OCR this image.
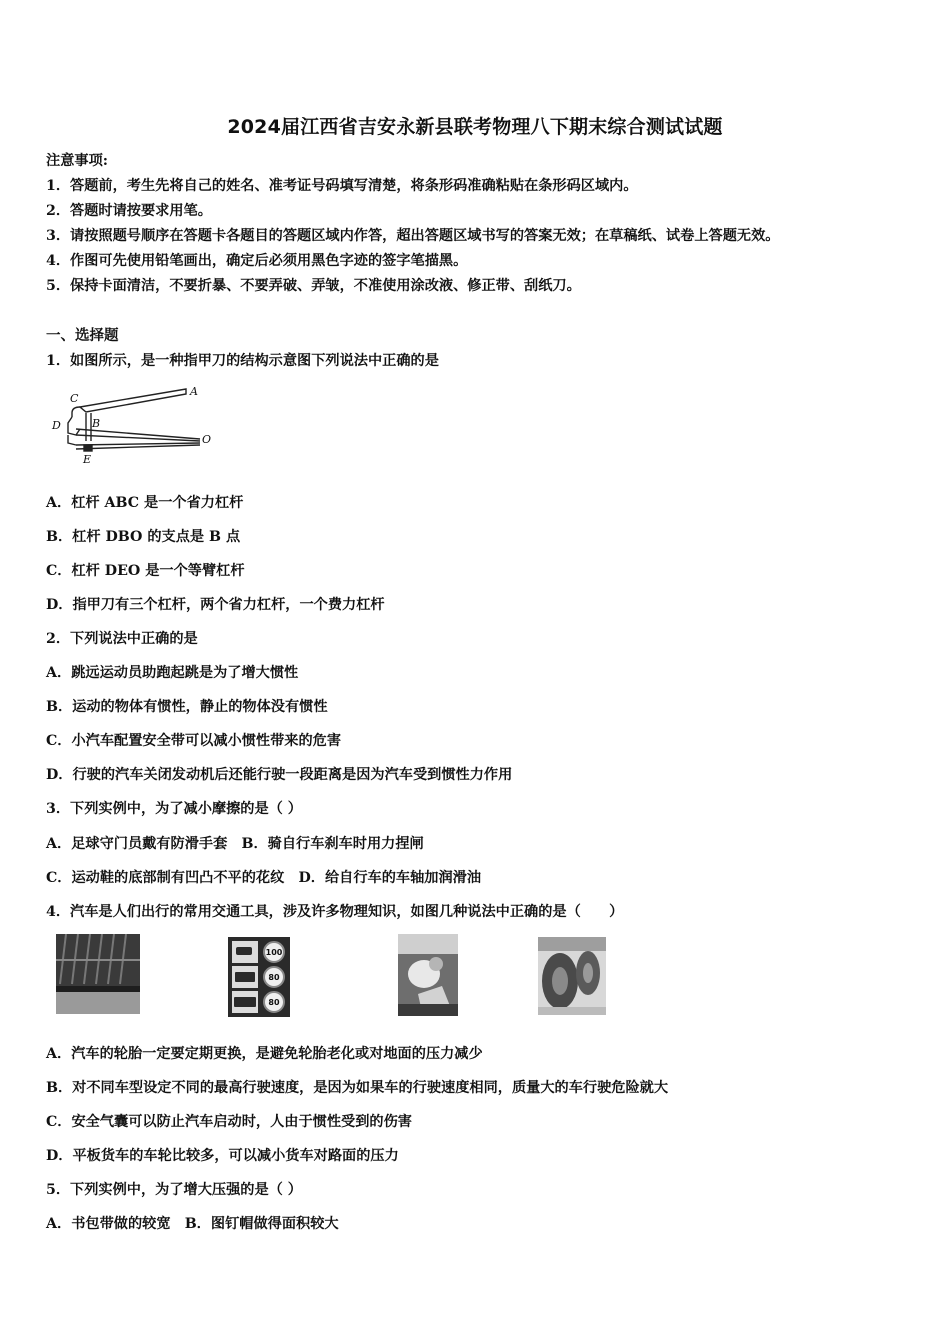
2024届江西省吉安永新县联考物理八下期末综合测试试题
注意事项:
1．答题前，考生先将自己的姓名、准考证号码填写清楚，将条形码准确粘贴在条形码区域内。
2．答题时请按要求用笔。
3．请按照题号顺序在答题卡各题目的答题区域内作答，超出答题区域书写的答案无效；在草稿纸、试卷上答题无效。
4．作图可先使用铅笔画出，确定后必须用黑色字迹的签字笔描黑。
5．保持卡面清洁，不要折暴、不要弄破、弄皱，不准使用涂改液、修正带、刮纸刀。
一、选择题
1．如图所示，是一种指甲刀的结构示意图下列说法中正确的是
A
C
D	B
O
E
A．杠杆 ABC 是一个省力杠杆
B．杠杆 DBO 的支点是 B 点
C．杠杆 DEO 是一个等臂杠杆
D．指甲刀有三个杠杆，两个省力杠杆，一个费力杠杆
2．下列说法中正确的是
A．跳远运动员助跑起跳是为了增大惯性
B．运动的物体有惯性，静止的物体没有惯性
C．小汽车配置安全带可以减小惯性带来的危害
D．行驶的汽车关闭发动机后还能行驶一段距离是因为汽车受到惯性力作用
3．下列实例中，为了减小摩擦的是（ ）
A．足球守门员戴有防滑手套　B．骑自行车刹车时用力捏闸
C．运动鞋的底部制有凹凸不平的花纹　D．给自行车的车轴加润滑油
4．汽车是人们出行的常用交通工具，涉及许多物理知识，如图几种说法中正确的是（　　）
100
80
80
A．汽车的轮胎一定要定期更换，是避免轮胎老化或对地面的压力减少
B．对不同车型设定不同的最高行驶速度，是因为如果车的行驶速度相同，质量大的车行驶危险就大
C．安全气囊可以防止汽车启动时，人由于惯性受到的伤害
D．平板货车的车轮比较多，可以减小货车对路面的压力
5．下列实例中，为了增大压强的是（ ）
A．书包带做的较宽　B．图钉帽做得面积较大
